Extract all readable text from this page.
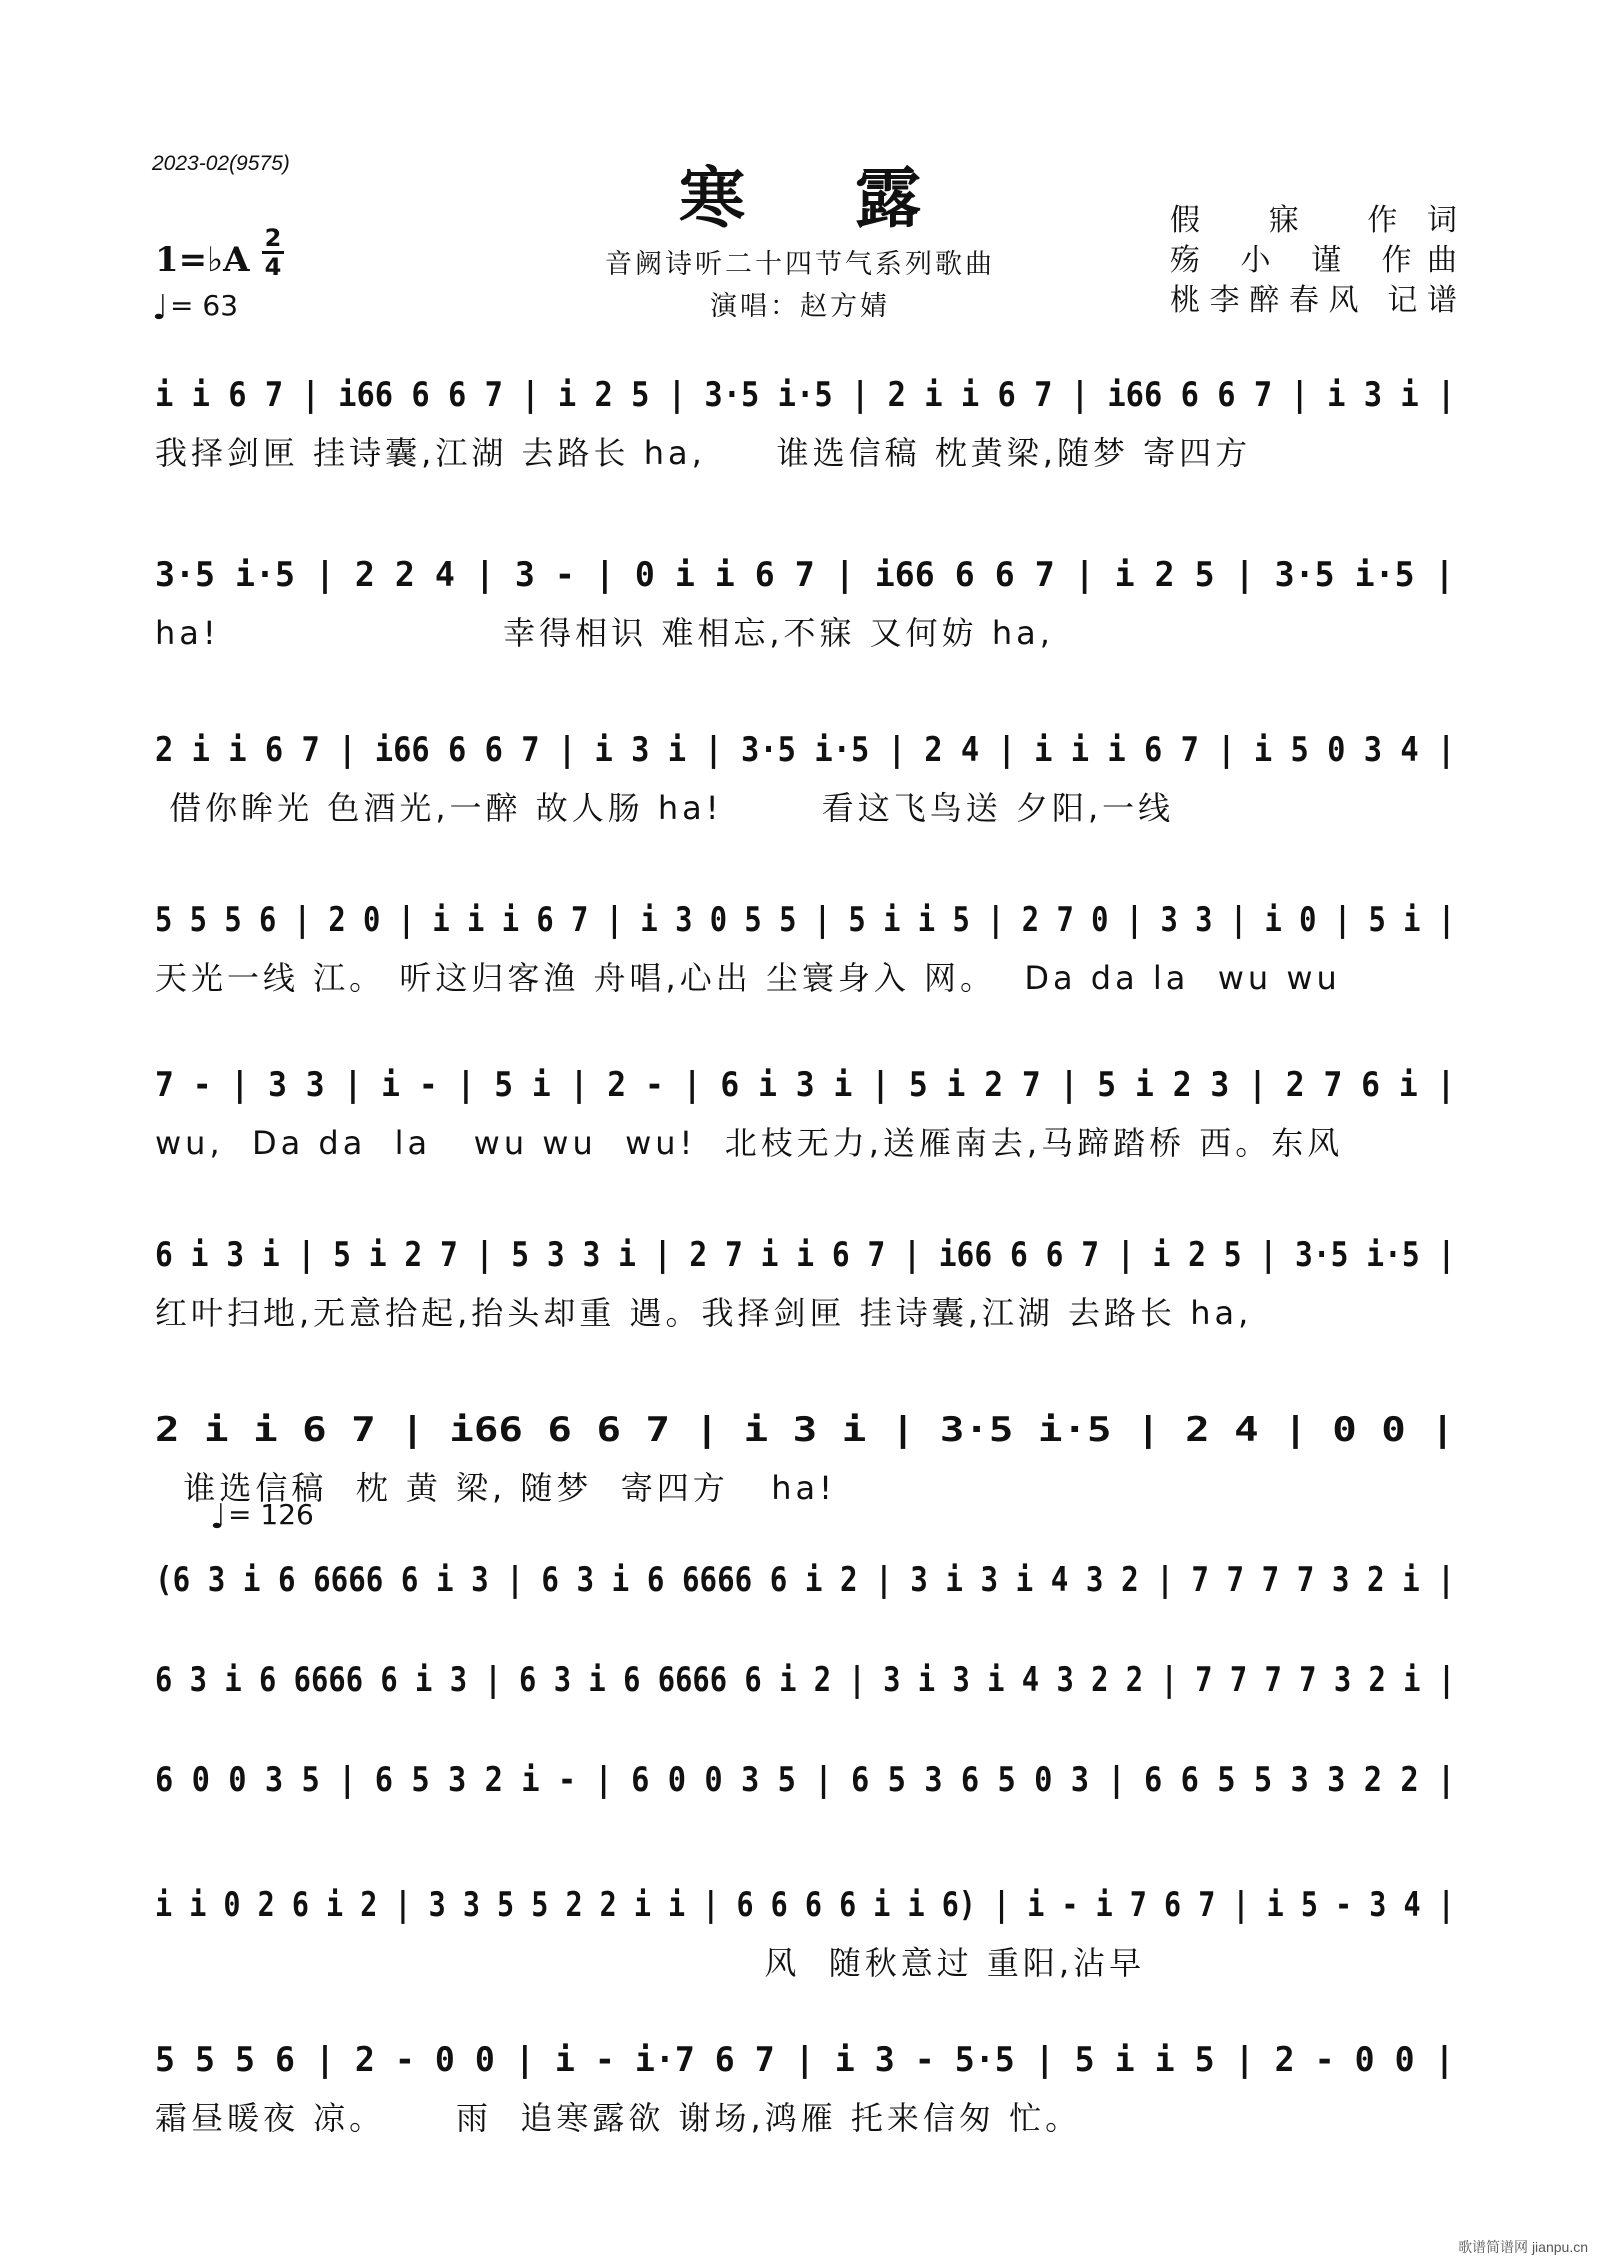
2023-02(9575)	寒露
音阙诗听二十四节气系列歌曲
演唱：赵方婧
假 寐 作词
殇 小 谨 作曲
桃李醉春风 记谱
1=♭A
2
4
♩= 63
♩= 126
i i 6 7 | i66 6 6 7 | i 2 5 | 3·5 i·5 | 2 i i 6 7 | i66 6 6 7 | i 3 i |
我择剑匣 挂诗囊,江湖 去路长 ha,     谁选信稿 枕黄梁,随梦 寄四方
3·5 i·5 | 2 2 4 | 3 - | 0 i i 6 7 | i66 6 6 7 | i 2 5 | 3·5 i·5 |
ha!                    幸得相识 难相忘,不寐 又何妨 ha,
2 i i 6 7 | i66 6 6 7 | i 3 i | 3·5 i·5 | 2 4 | i i i 6 7 | i 5 0 3 4 |
借你眸光 色酒光,一醉 故人肠 ha!       看这飞鸟送 夕阳,一线
5 5 5 6 | 2 0 | i i i 6 7 | i 3 0 5 5 | 5 i i 5 | 2 7 0 | 3 3 | i 0 | 5 i |
天光一线 江。 听这归客渔 舟唱,心出 尘寰身入 网。  Da da la  wu wu
7 - | 3 3 | i - | 5 i | 2 - | 6 i 3 i | 5 i 2 7 | 5 i 2 3 | 2 7 6 i |
wu,  Da da  la   wu wu  wu!  北枝无力,送雁南去,马蹄踏桥 西。东风
6 i 3 i | 5 i 2 7 | 5 3 3 i | 2 7 i i 6 7 | i66 6 6 7 | i 2 5 | 3·5 i·5 |
红叶扫地,无意拾起,抬头却重 遇。我择剑匣 挂诗囊,江湖 去路长 ha,
2 i i 6 7 | i66 6 6 7 | i 3 i | 3·5 i·5 | 2 4 | 0 0 |
谁选信稿  枕 黄 梁, 随梦  寄四方   ha!
(6 3 i 6 6666 6 i 3 | 6 3 i 6 6666 6 i 2 | 3 i 3 i 4 3 2 | 7 7 7 7 3 2 i |
6 3 i 6 6666 6 i 3 | 6 3 i 6 6666 6 i 2 | 3 i 3 i 4 3 2 2 | 7 7 7 7 3 2 i |
6 0 0 3 5 | 6 5 3 2 i - | 6 0 0 3 5 | 6 5 3 6 5 0 3 | 6 6 5 5 3 3 2 2 |
i i 0 2 6 i 2 | 3 3 5 5 2 2 i i | 6 6 6 6 i i 6) | i - i 7 6 7 | i 5 - 3 4 |
风  随秋意过 重阳,沾早
5 5 5 6 | 2 - 0 0 | i - i·7 6 7 | i 3 - 5·5 | 5 i i 5 | 2 - 0 0 |
霜昼暖夜 凉。     雨  追寒露欲 谢场,鸿雁 托来信匆 忙。
歌谱简谱网 jianpu.cn
